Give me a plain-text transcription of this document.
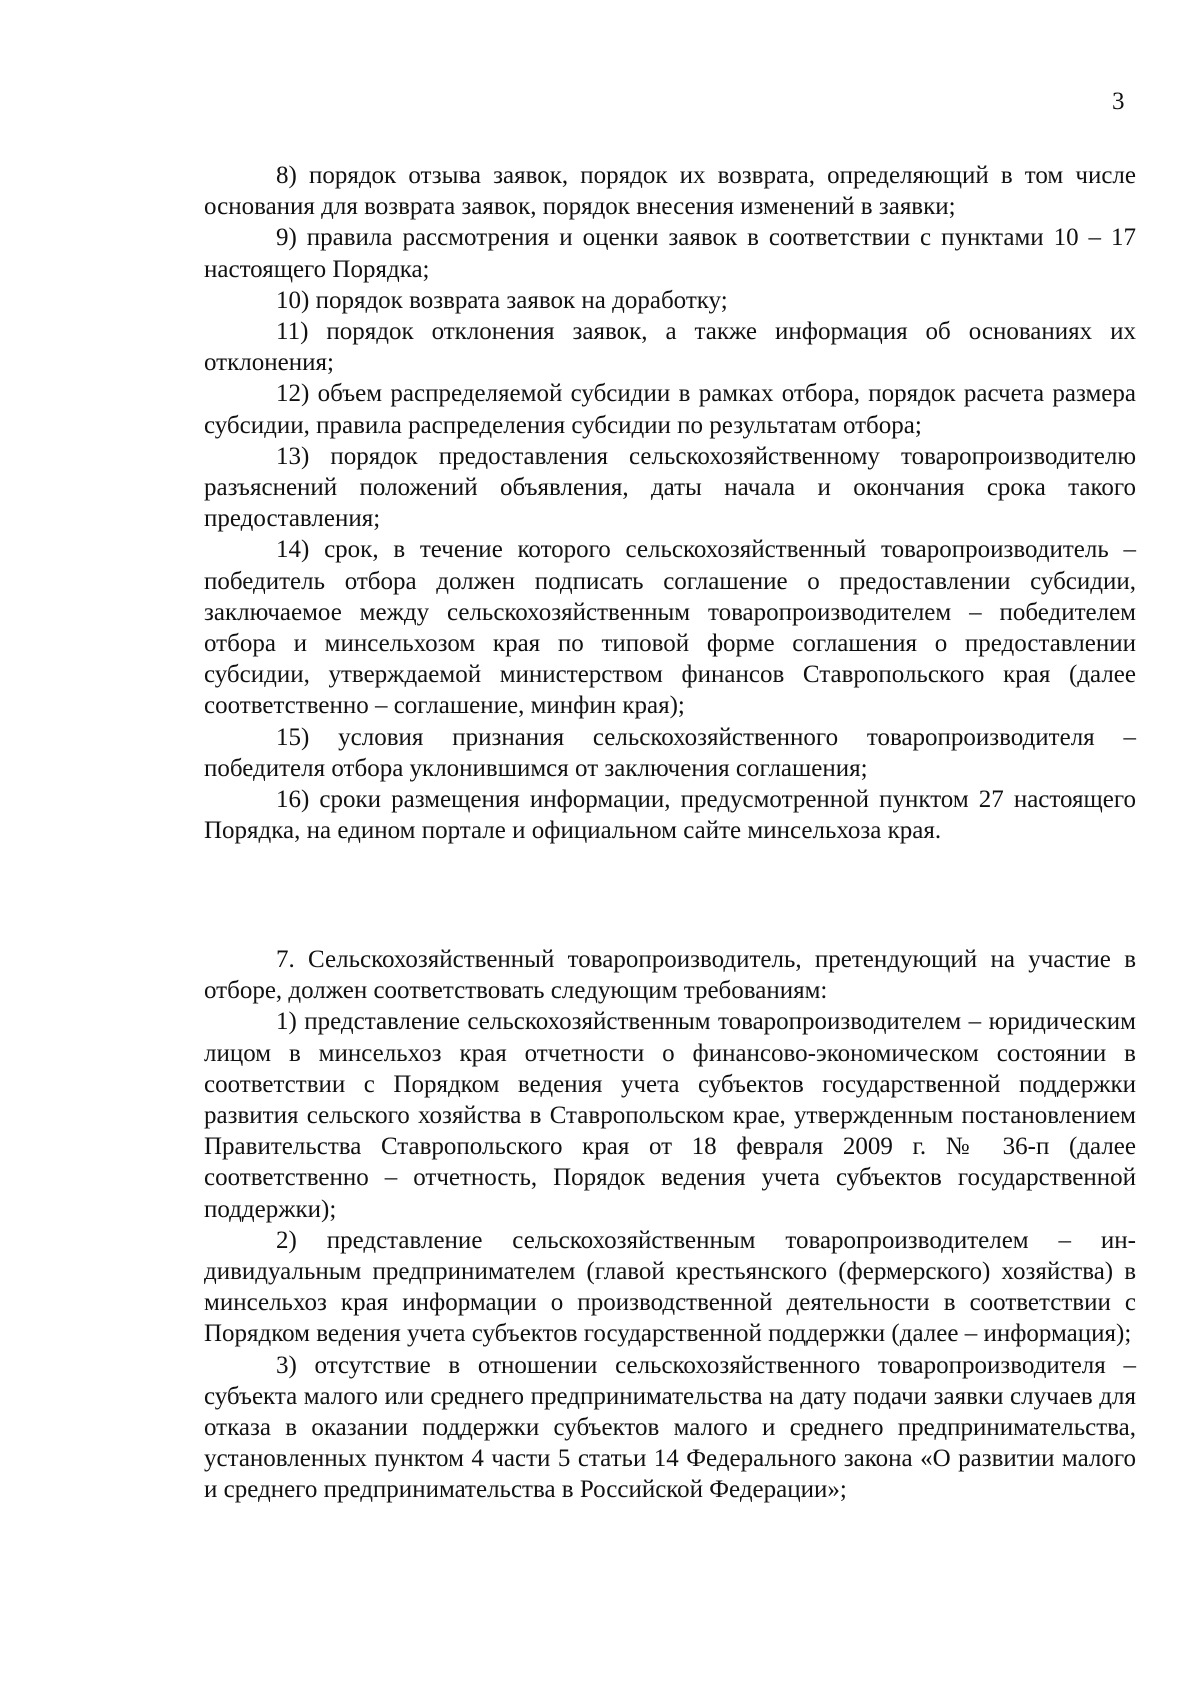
3

8) порядок отзыва заявок, порядок их возврата, определяющий в том числе основания для возврата заявок, порядок внесения изменений в заявки;

9) правила рассмотрения и оценки заявок в соответствии с пунктами 10 – 17 настоящего Порядка;

10) порядок возврата заявок на доработку;

11) порядок отклонения заявок, а также информация об основаниях их отклонения;

12) объем распределяемой субсидии в рамках отбора, порядок расчета размера субсидии, правила распределения субсидии по результатам отбора;

13) порядок предоставления сельскохозяйственному товаропроизводителю разъяснений положений объявления, даты начала и окончания срока такого предоставления;

14) срок, в течение которого сельскохозяйственный товаропроизводитель – победитель отбора должен подписать соглашение о предоставлении субсидии, заключаемое между сельскохозяйственным товаропроизводителем – победителем отбора и минсельхозом края по типовой форме соглашения о предоставлении субсидии, утверждаемой министерством финансов Ставропольского края (далее соответственно – соглашение, минфин края);

15) условия признания сельскохозяйственного товаропроизводителя – победителя отбора уклонившимся от заключения соглашения;

16) сроки размещения информации, предусмотренной пунктом 27 настоящего Порядка, на едином портале и официальном сайте минсельхоза края.

7. Сельскохозяйственный товаропроизводитель, претендующий на участие в отборе, должен соответствовать следующим требованиям:

1) представление сельскохозяйственным товаропроизводителем – юридическим лицом в минсельхоз края отчетности о финансово-экономическом состоянии в соответствии с Порядком ведения учета субъектов государственной поддержки развития сельского хозяйства в Ставропольском крае, утвержденным постановлением Правительства Ставропольского края от 18 февраля 2009 г. № 36-п (далее соответственно – отчетность, Порядок ведения учета субъектов государственной поддержки);

2) представление сельскохозяйственным товаропроизводителем – индивидуальным предпринимателем (главой крестьянского (фермерского) хозяйства) в минсельхоз края информации о производственной деятельности в соответствии с Порядком ведения учета субъектов государственной поддержки (далее – информация);

3) отсутствие в отношении сельскохозяйственного товаропроизводителя – субъекта малого или среднего предпринимательства на дату подачи заявки случаев для отказа в оказании поддержки субъектов малого и среднего предпринимательства, установленных пунктом 4 части 5 статьи 14 Федерального закона «О развитии малого и среднего предпринимательства в Российской Федерации»;
